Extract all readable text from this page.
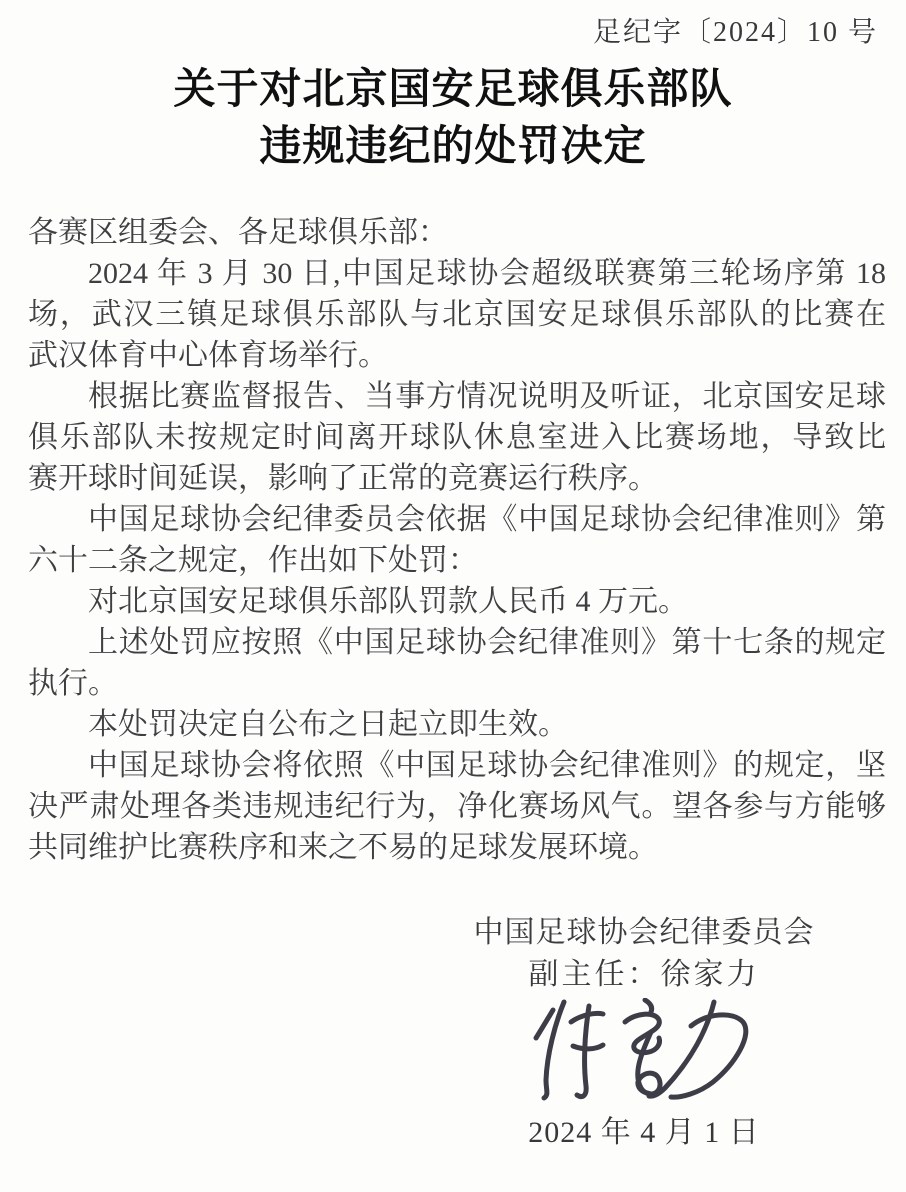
足纪字〔2024〕10 号
关于对北京国安足球俱乐部队
违规违纪的处罚决定
各赛区组委会、各足球俱乐部：
2024 年 3 月 30 日,中国足球协会超级联赛第三轮场序第 18
场，武汉三镇足球俱乐部队与北京国安足球俱乐部队的比赛在
武汉体育中心体育场举行。
根据比赛监督报告、当事方情况说明及听证，北京国安足球
俱乐部队未按规定时间离开球队休息室进入比赛场地，导致比
赛开球时间延误，影响了正常的竞赛运行秩序。
中国足球协会纪律委员会依据《中国足球协会纪律准则》第
六十二条之规定，作出如下处罚：
对北京国安足球俱乐部队罚款人民币 4 万元。
上述处罚应按照《中国足球协会纪律准则》第十七条的规定
执行。
本处罚决定自公布之日起立即生效。
中国足球协会将依照《中国足球协会纪律准则》的规定，坚
决严肃处理各类违规违纪行为，净化赛场风气。望各参与方能够
共同维护比赛秩序和来之不易的足球发展环境。
中国足球协会纪律委员会
副主任：徐家力
2024 年 4 月 1 日
